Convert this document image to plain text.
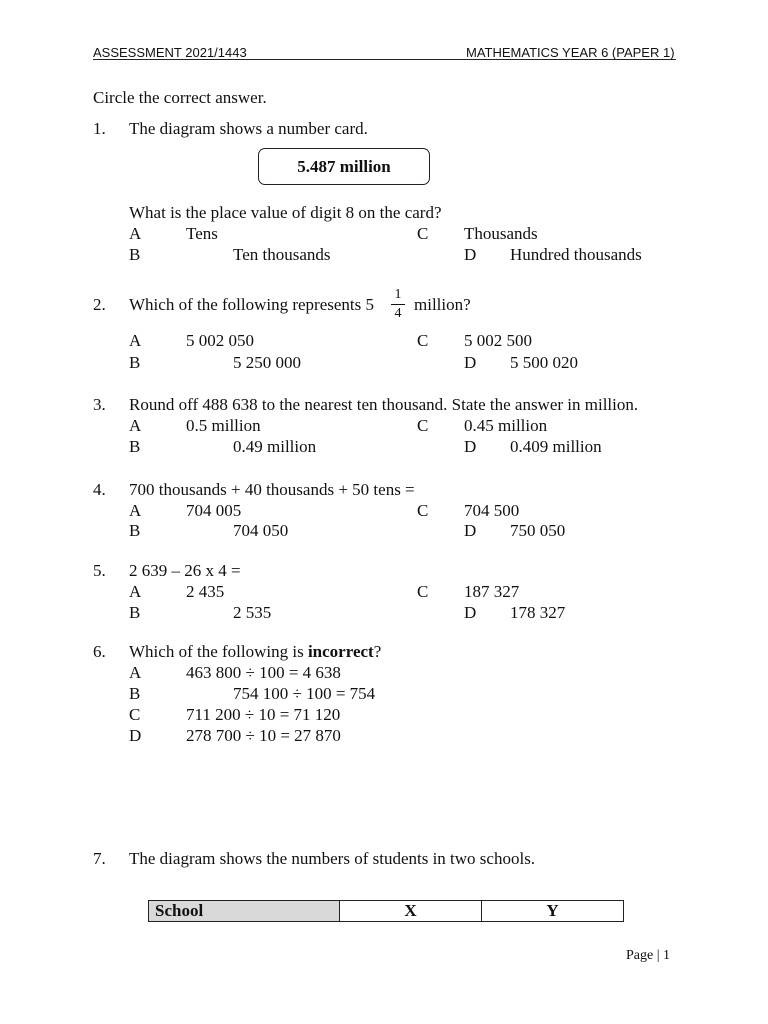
ASSESSMENT 2021/1443	MATHEMATICS YEAR 6 (PAPER 1)
Circle the correct answer.
1. The diagram shows a number card.
5.487 million
What is the place value of digit 8 on the card?
A	Tens	C Thousands
B	Ten thousands	D Hundred thousands
2. Which of the following represents 5
1
4 million?
A	5 002 050	C 5 002 500
B	5 250 000	D 5 500 020
3. Round off 488 638 to the nearest ten thousand. State the answer in million.
A	0.5 million	C 0.45 million
B	0.49 million	D 0.409 million
4. 700 thousands + 40 thousands + 50 tens =
A	704 005	C 704 500
B	704 050	D 750 050
5. 2 639 – 26 x 4 =
A	2 435	C 187 327
B	2 535	D 178 327
6. Which of the following is incorrect?
A	463 800 ÷ 100 = 4 638
B	754 100 ÷ 100 = 754
C	711 200 ÷ 10 = 71 120
D	278 700 ÷ 10 = 27 870
7. The diagram shows the numbers of students in two schools.
School	X	Y
Page | 1
